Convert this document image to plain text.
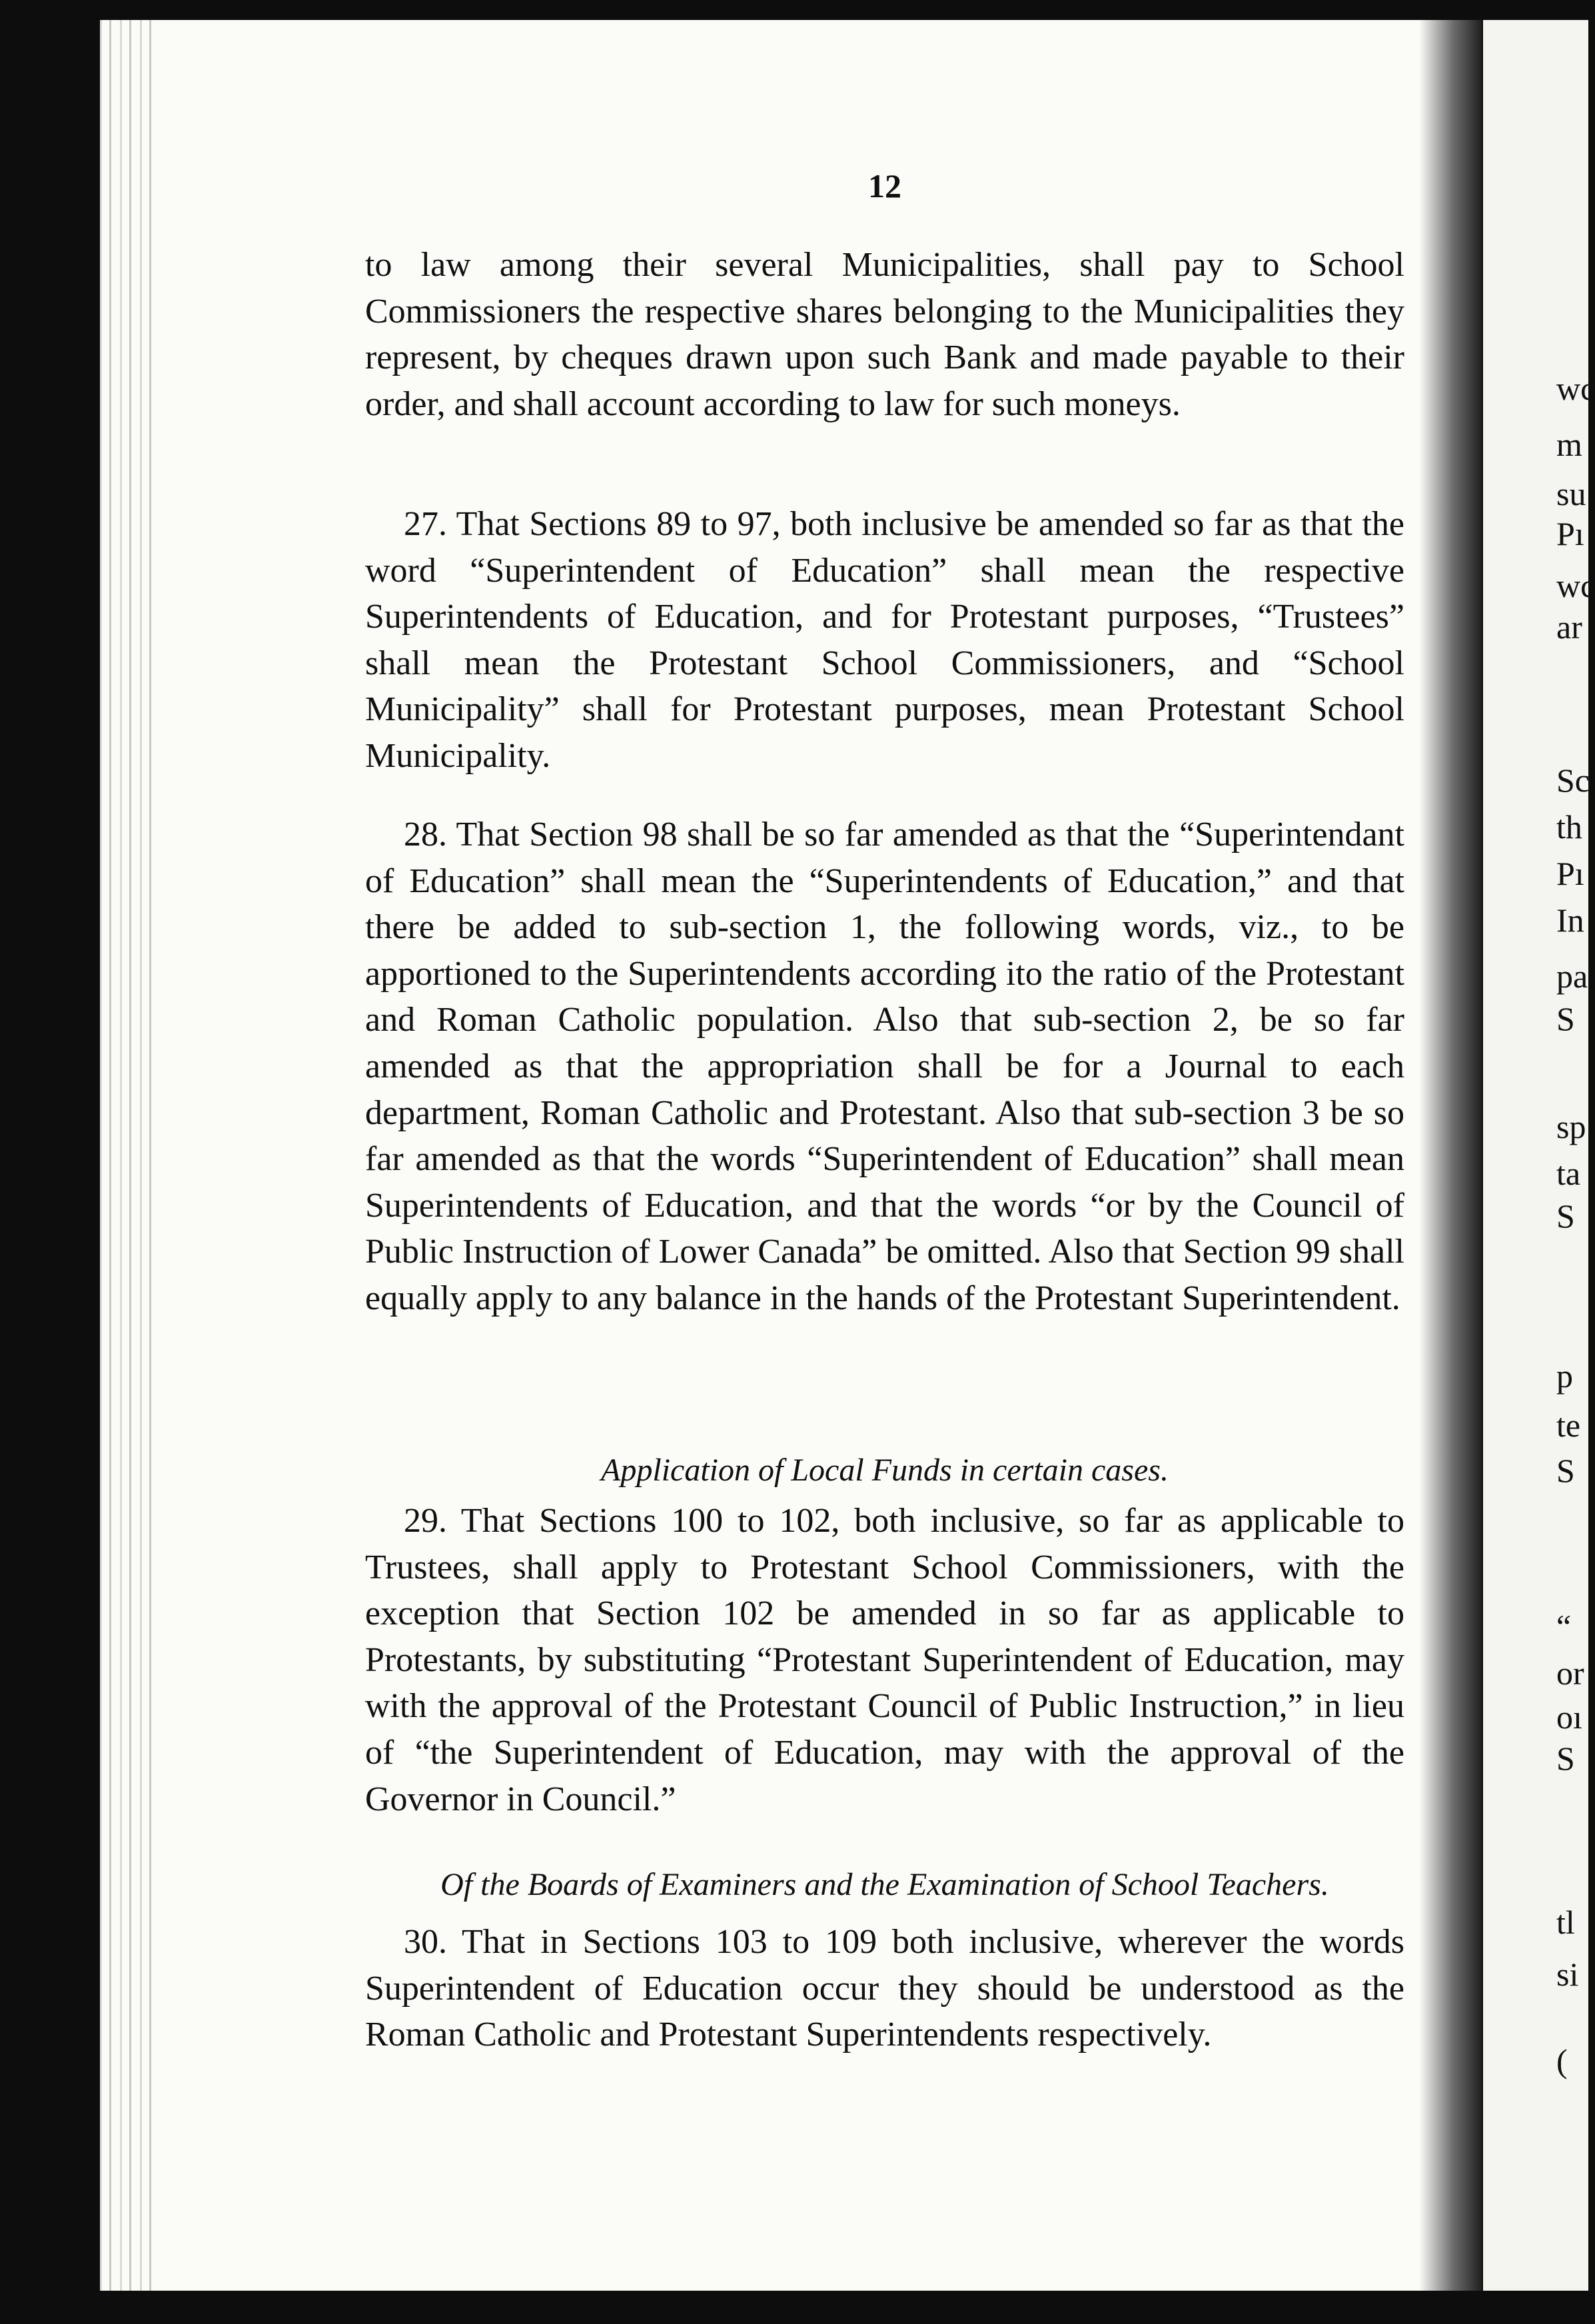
wc
m
su
Pı
wc
ar
Sc
th
Pı
In
pa
S
sp
ta
S
p
te
S
“
or
oı
S
tl
si
(
12

to law among their several Municipalities, shall pay to School Commissioners the respective shares belonging to the Municipalities they represent, by cheques drawn upon such Bank and made payable to their order, and shall account according to law for such moneys.

27. That Sections 89 to 97, both inclusive be amended so far as that the word “Superintendent of Education” shall mean the respective Superintendents of Education, and for Protestant purposes, “Trustees” shall mean the Protestant School Commissioners, and “School Municipality” shall for Protestant purposes, mean Protestant School Municipality.

28. That Section 98 shall be so far amended as that the “Superintendant of Education” shall mean the “Superintendents of Education,” and that there be added to sub-section 1, the following words, viz., to be apportioned to the Superintendents according ito the ratio of the Protestant and Roman Catholic population. Also that sub-section 2, be so far amended as that the appropriation shall be for a Journal to each department, Roman Catholic and Protestant. Also that sub-section 3 be so far amended as that the words “Superintendent of Education” shall mean Superintendents of Education, and that the words “or by the Council of Public Instruction of Lower Canada” be omitted. Also that Section 99 shall equally apply to any balance in the hands of the Protestant Superintendent.

Application of Local Funds in certain cases.

29. That Sections 100 to 102, both inclusive, so far as applicable to Trustees, shall apply to Protestant School Commissioners, with the exception that Section 102 be amended in so far as applicable to Protestants, by substituting “Protestant Superintendent of Education, may with the approval of the Protestant Council of Public Instruction,” in lieu of “the Superintendent of Education, may with the approval of the Governor in Council.”

Of the Boards of Examiners and the Examination of School Teachers.

30. That in Sections 103 to 109 both inclusive, wherever the words Superintendent of Education occur they should be understood as the Roman Catholic and Protestant Superintendents respectively.
